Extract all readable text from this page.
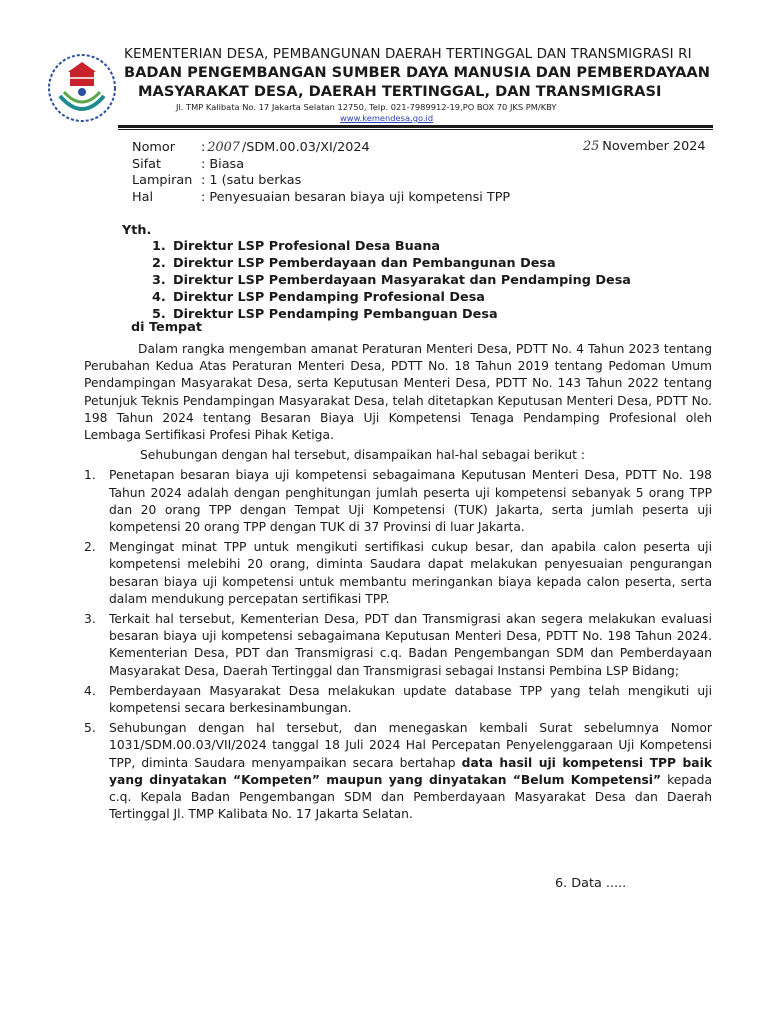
KEMENTERIAN DESA, PEMBANGUNAN DAERAH TERTINGGAL DAN TRANSMIGRASI RI
BADAN PENGEMBANGAN SUMBER DAYA MANUSIA DAN PEMBERDAYAAN
MASYARAKAT DESA, DAERAH TERTINGGAL, DAN TRANSMIGRASI
Jl. TMP Kalibata No. 17 Jakarta Selatan 12750, Telp. 021-7989912-19,PO BOX 70 JKS PM/KBY
www.kemendesa.go.id
Nomor	: 2007 /SDM.00.03/XI/2024
Sifat	: Biasa
Lampiran : 1 (satu berkas
Hal	: Penyesuaian besaran biaya uji kompetensi TPP
25 November 2024
Yth.
1. Direktur LSP Profesional Desa Buana
2. Direktur LSP Pemberdayaan dan Pembangunan Desa
3. Direktur LSP Pemberdayaan Masyarakat dan Pendamping Desa
4. Direktur LSP Pendamping Profesional Desa
5. Direktur LSP Pendamping Pembanguan Desa
di Tempat

Dalam rangka mengemban amanat Peraturan Menteri Desa, PDTT No. 4 Tahun 2023 tentang Perubahan Kedua Atas Peraturan Menteri Desa, PDTT No. 18 Tahun 2019 tentang Pedoman Umum Pendampingan Masyarakat Desa, serta Keputusan Menteri Desa, PDTT No. 143 Tahun 2022 tentang Petunjuk Teknis Pendampingan Masyarakat Desa, telah ditetapkan Keputusan Menteri Desa, PDTT No. 198 Tahun 2024 tentang Besaran Biaya Uji Kompetensi Tenaga Pendamping Profesional oleh Lembaga Sertifikasi Profesi Pihak Ketiga.

Sehubungan dengan hal tersebut, disampaikan hal-hal sebagai berikut :
1.	Penetapan besaran biaya uji kompetensi sebagaimana Keputusan Menteri Desa, PDTT No. 198 Tahun 2024 adalah dengan penghitungan jumlah peserta uji kompetensi sebanyak 5 orang TPP dan 20 orang TPP dengan Tempat Uji Kompetensi (TUK) Jakarta, serta jumlah peserta uji kompetensi 20 orang TPP dengan TUK di 37 Provinsi di luar Jakarta.
2.	Mengingat minat TPP untuk mengikuti sertifikasi cukup besar, dan apabila calon peserta uji kompetensi melebihi 20 orang, diminta Saudara dapat melakukan penyesuaian pengurangan besaran biaya uji kompetensi untuk membantu meringankan biaya kepada calon peserta, serta dalam mendukung percepatan sertifikasi TPP.
3.	Terkait hal tersebut, Kementerian Desa, PDT dan Transmigrasi akan segera melakukan evaluasi besaran biaya uji kompetensi sebagaimana Keputusan Menteri Desa, PDTT No. 198 Tahun 2024. Kementerian Desa, PDT dan Transmigrasi c.q. Badan Pengembangan SDM dan Pemberdayaan Masyarakat Desa, Daerah Tertinggal dan Transmigrasi sebagai Instansi Pembina LSP Bidang;
4.	Pemberdayaan Masyarakat Desa melakukan update database TPP yang telah mengikuti uji kompetensi secara berkesinambungan.
5.	Sehubungan dengan hal tersebut, dan menegaskan kembali Surat sebelumnya Nomor 1031/SDM.00.03/VII/2024 tanggal 18 Juli 2024 Hal Percepatan Penyelenggaraan Uji Kompetensi TPP, diminta Saudara menyampaikan secara bertahap data hasil uji kompetensi TPP baik yang dinyatakan “Kompeten” maupun yang dinyatakan “Belum Kompetensi” kepada c.q. Kepala Badan Pengembangan SDM dan Pemberdayaan Masyarakat Desa dan Daerah Tertinggal Jl. TMP Kalibata No. 17 Jakarta Selatan.
6. Data .....
